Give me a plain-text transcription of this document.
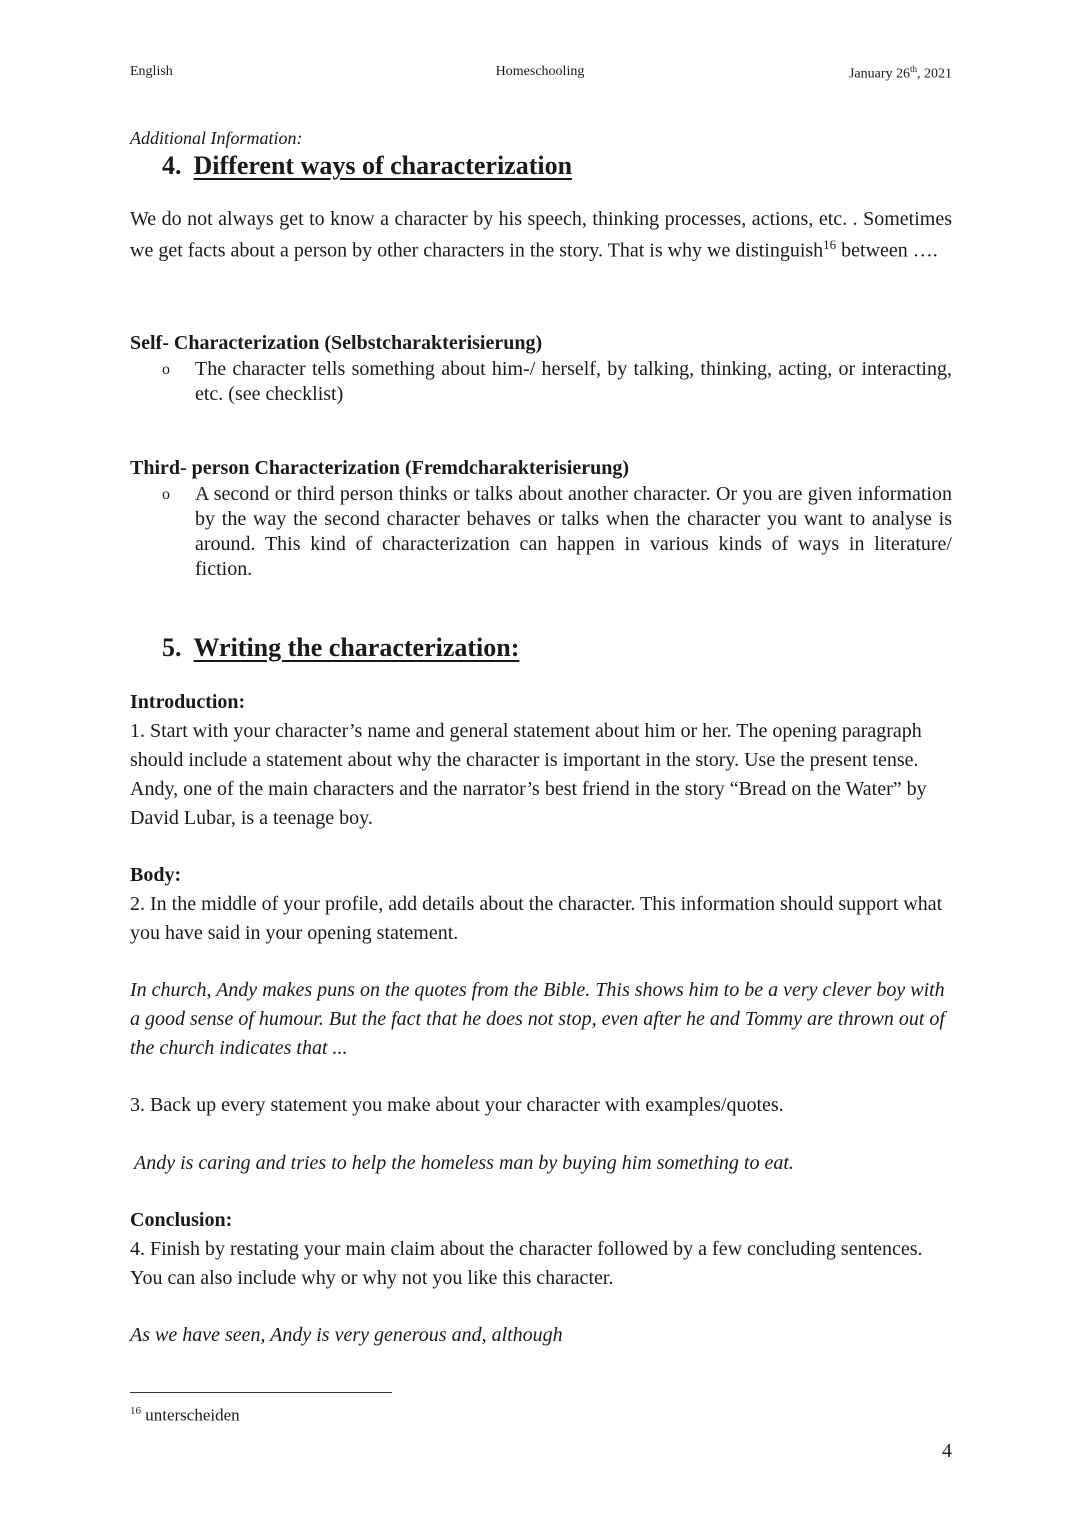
English	Homeschooling	January 26th, 2021
Additional Information:
4. Different ways of characterization
We do not always get to know a character by his speech, thinking processes, actions, etc. . Sometimes we get facts about a person by other characters in the story. That is why we distinguish$^{16}$ between ….
Self- Characterization (Selbstcharakterisierung)
o The character tells something about him-/ herself, by talking, thinking, acting, or interacting, etc. (see checklist)
Third- person Characterization (Fremdcharakterisierung)
o A second or third person thinks or talks about another character. Or you are given information by the way the second character behaves or talks when the character you want to analyse is around. This kind of characterization can happen in various kinds of ways in literature/ fiction.
5. Writing the characterization:
Introduction:
1. Start with your character’s name and general statement about him or her. The opening paragraph should include a statement about why the character is important in the story. Use the present tense. Andy, one of the main characters and the narrator’s best friend in the story “Bread on the Water” by David Lubar, is a teenage boy.
Body:
2. In the middle of your profile, add details about the character. This information should support what you have said in your opening statement.
In church, Andy makes puns on the quotes from the Bible. This shows him to be a very clever boy with a good sense of humour. But the fact that he does not stop, even after he and Tommy are thrown out of the church indicates that ...
3. Back up every statement you make about your character with examples/quotes.
Andy is caring and tries to help the homeless man by buying him something to eat.
Conclusion:
4. Finish by restating your main claim about the character followed by a few concluding sentences. You can also include why or why not you like this character.
As we have seen, Andy is very generous and, although
$^{16}$ unterscheiden
4
